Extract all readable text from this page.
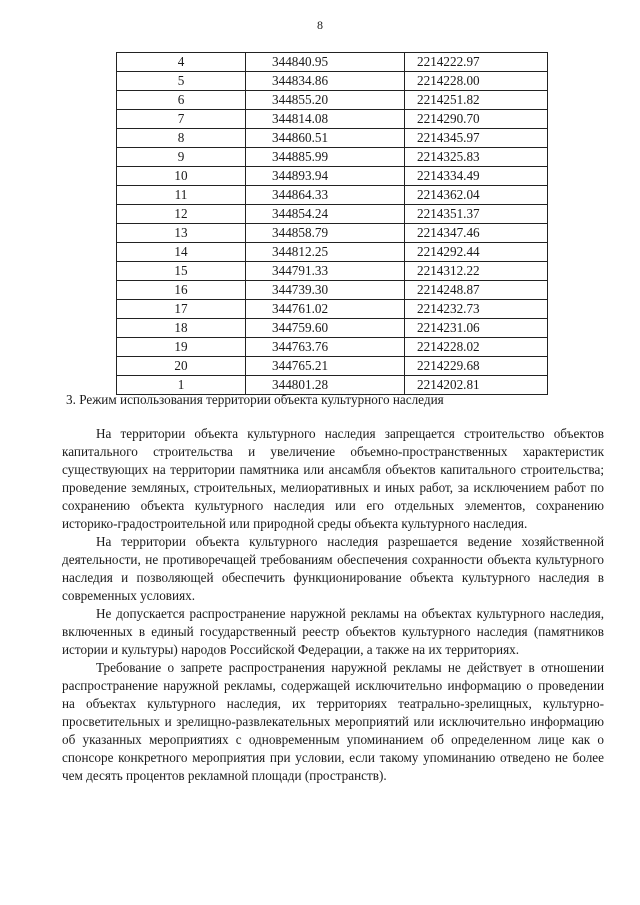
8
4	344840.95	2214222.97
5	344834.86	2214228.00
6	344855.20	2214251.82
7	344814.08	2214290.70
8	344860.51	2214345.97
9	344885.99	2214325.83
10	344893.94	2214334.49
11	344864.33	2214362.04
12	344854.24	2214351.37
13	344858.79	2214347.46
14	344812.25	2214292.44
15	344791.33	2214312.22
16	344739.30	2214248.87
17	344761.02	2214232.73
18	344759.60	2214231.06
19	344763.76	2214228.02
20	344765.21	2214229.68
1	344801.28	2214202.81
3. Режим использования территории объекта культурного наследия

На территории объекта культурного наследия запрещается строительство объектов капитального строительства и увеличение объемно-пространственных характеристик существующих на территории памятника или ансамбля объектов капитального строительства; проведение земляных, строительных, мелиоративных и иных работ, за исключением работ по сохранению объекта культурного наследия или его отдельных элементов, сохранению историко-градостроительной или природной среды объекта культурного наследия.

На территории объекта культурного наследия разрешается ведение хозяйственной деятельности, не противоречащей требованиям обеспечения сохранности объекта культурного наследия и позволяющей обеспечить функционирование объекта культурного наследия в современных условиях.

Не допускается распространение наружной рекламы на объектах культурного наследия, включенных в единый государственный реестр объектов культурного наследия (памятников истории и культуры) народов Российской Федерации, а также на их территориях.

Требование о запрете распространения наружной рекламы не действует в отношении распространение наружной рекламы, содержащей исключительно информацию о проведении на объектах культурного наследия, их территориях театрально-зрелищных, культурно-просветительных и зрелищно-развлекательных мероприятий или исключительно информацию об указанных мероприятиях с одновременным упоминанием об определенном лице как о спонсоре конкретного мероприятия при условии, если такому упоминанию отведено не более чем десять процентов рекламной площади (пространств).
